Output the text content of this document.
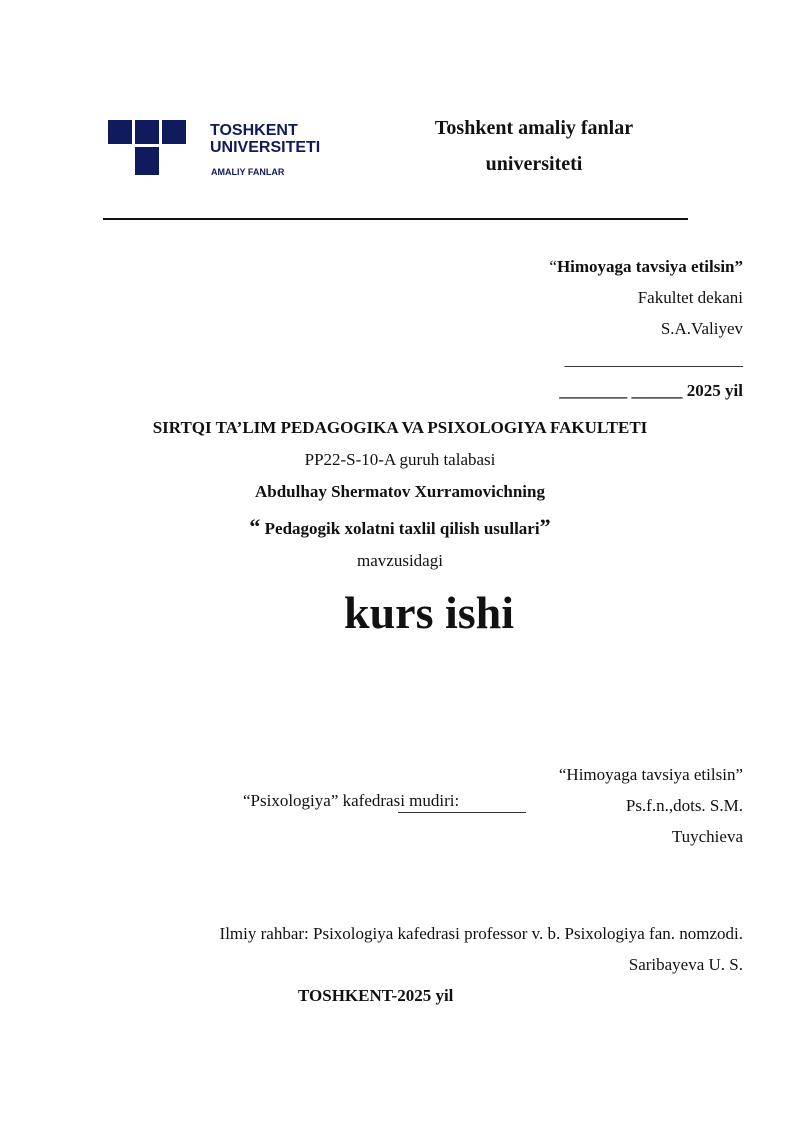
TOSHKENT
UNIVERSITETI
AMALIY FANLAR
Toshkent amaliy fanlar
universiteti
“Himoyaga tavsiya etilsin”
Fakultet dekani
S.A.Valiyev
_____________________
________ ______ 2025 yil
SIRTQI TA’LIM PEDAGOGIKA VA PSIXOLOGIYA FAKULTETI
PP22-S-10-A guruh talabasi
Abdulhay Shermatov Xurramovichning
“ Pedagogik xolatni taxlil qilish usullari”
mavzusidagi
kurs ishi
“Himoyaga tavsiya etilsin”
Ps.f.n.,dots. S.M.
Tuychieva
“Psixologiya” kafedrasi mudiri:
Ilmiy rahbar: Psixologiya kafedrasi professor v. b. Psixologiya fan. nomzodi.
Saribayeva U. S.
TOSHKENT-2025 yil
